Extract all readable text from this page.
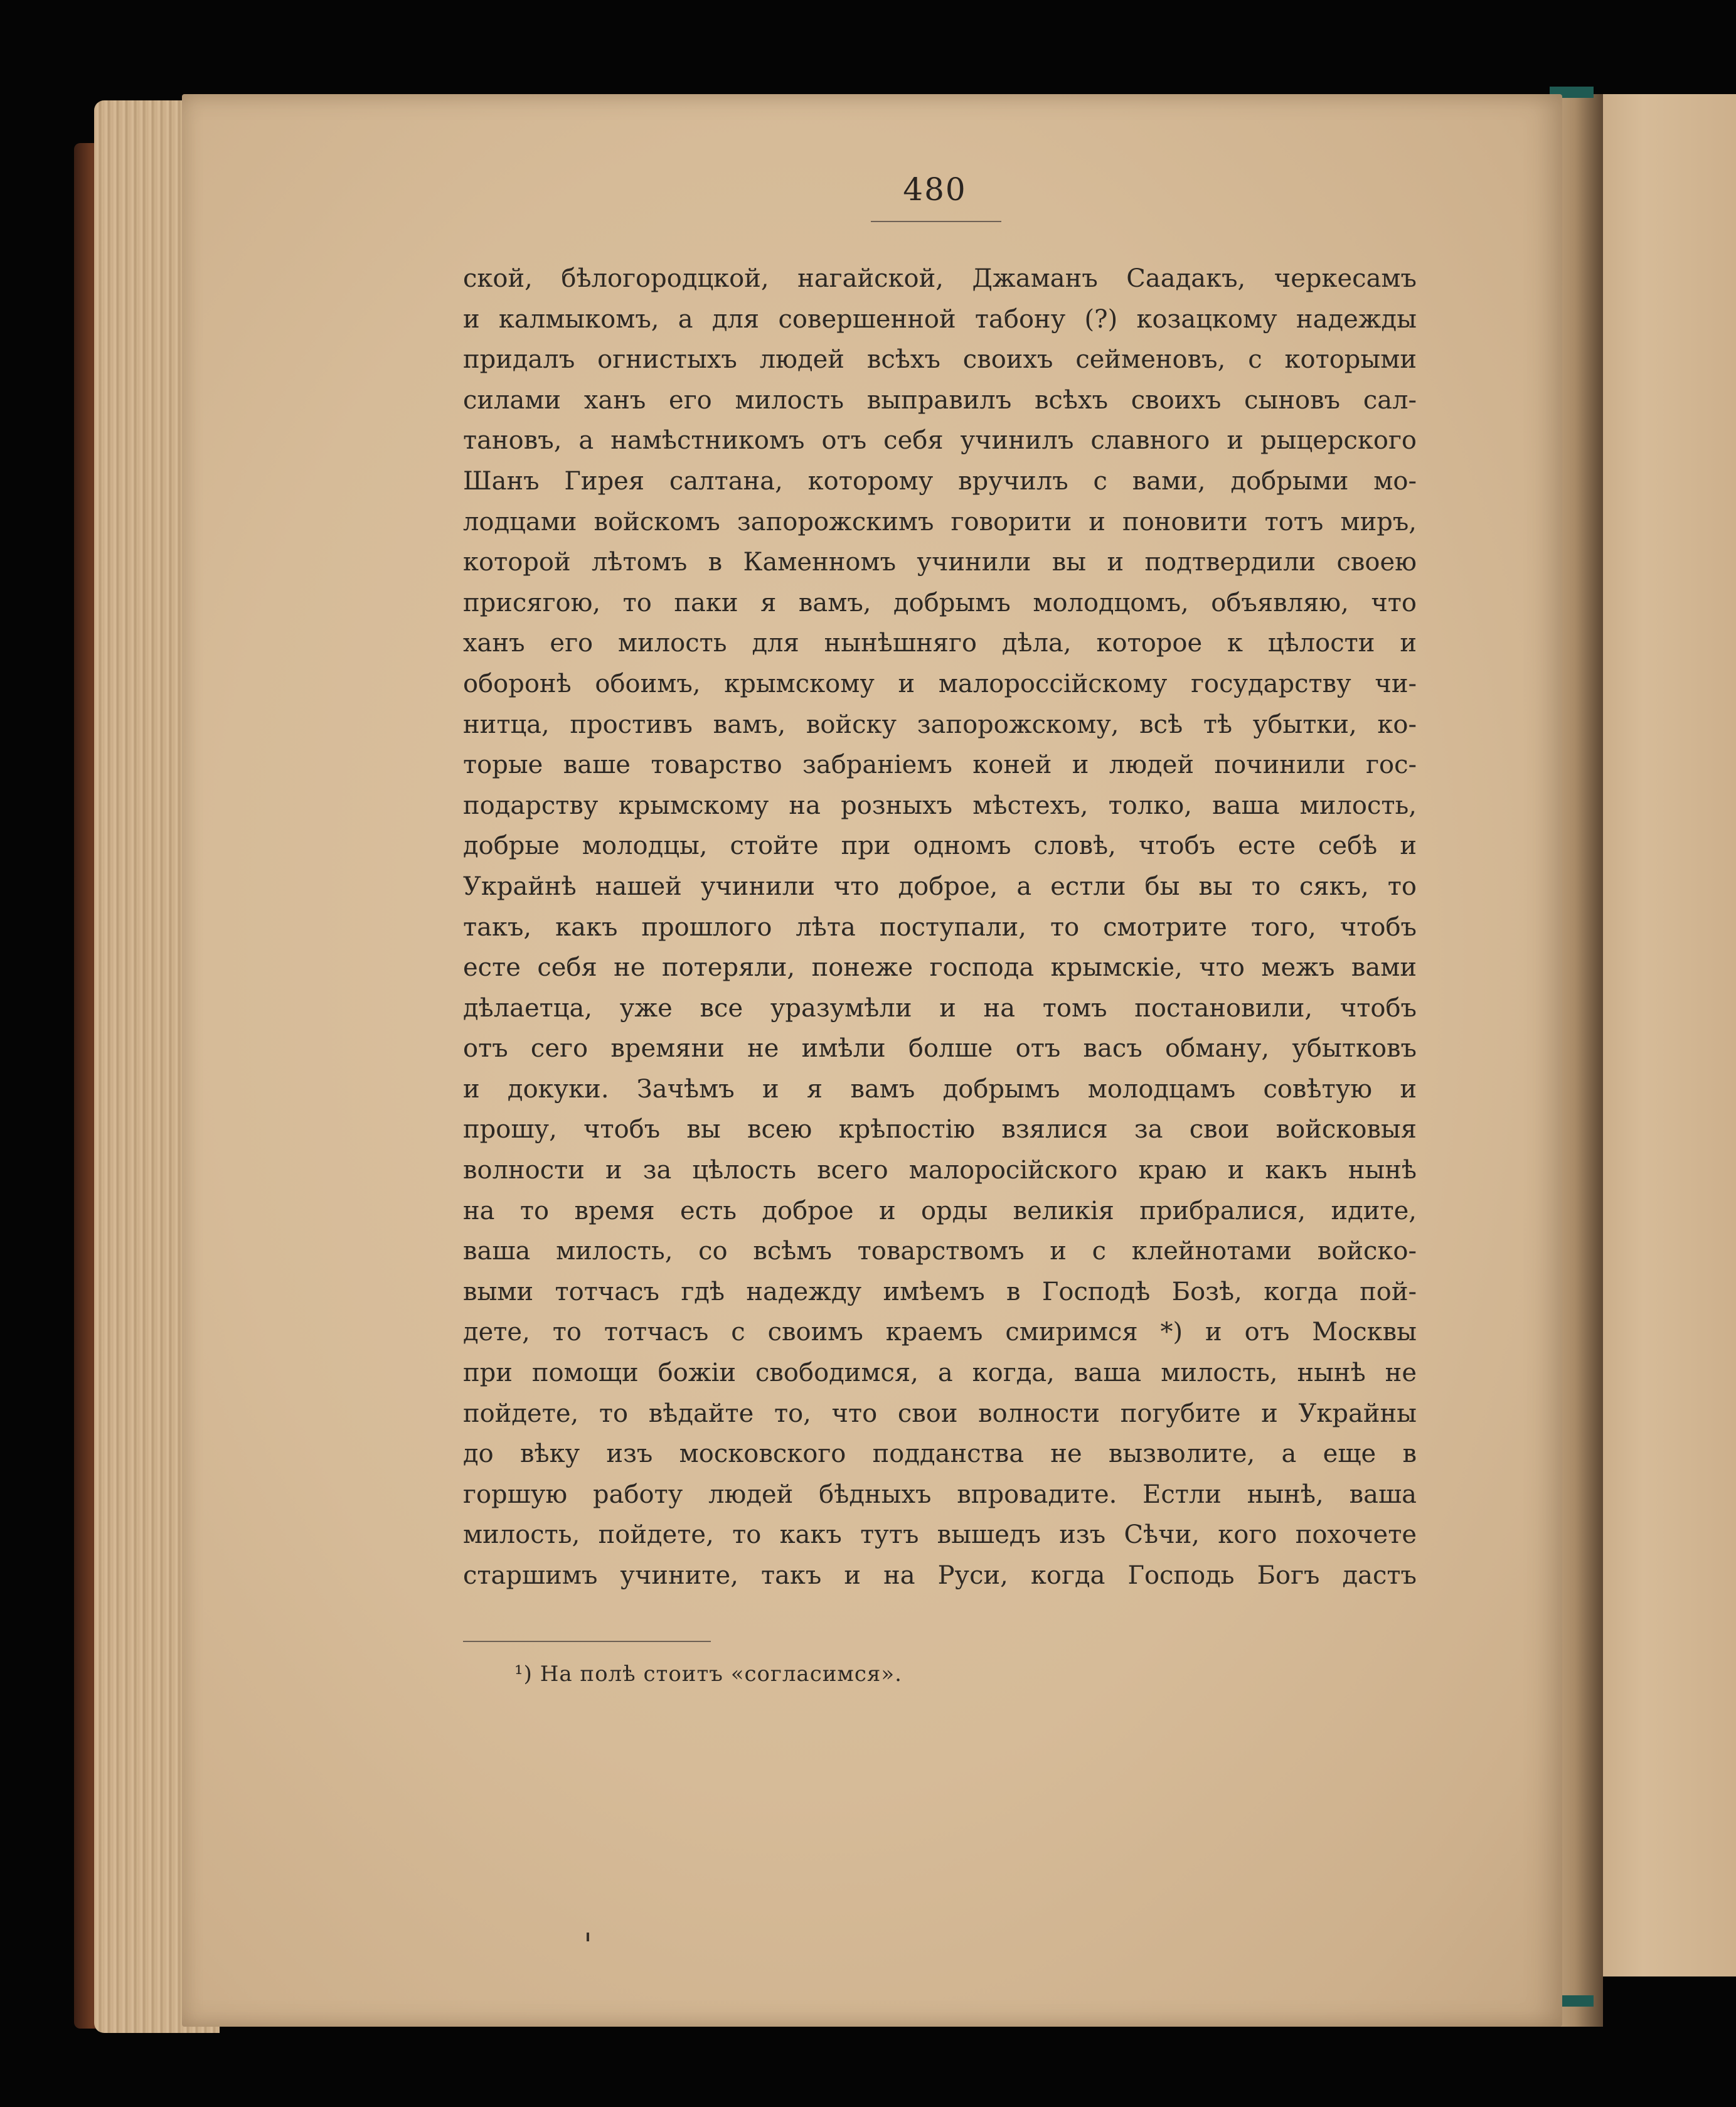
480
ской, бѣлогородцкой, нагайской, Джаманъ Саадакъ, черкесамъ
и калмыкомъ, а для совершенной табону (?) козацкому надежды
придалъ огнистыхъ людей всѣхъ своихъ сейменовъ, с которыми
силами ханъ его милость выправилъ всѣхъ своихъ сыновъ сал-
тановъ, а намѣстникомъ отъ себя учинилъ славного и рыцерского
Шанъ Гирея салтана, которому вручилъ с вами, добрыми мо-
лодцами войскомъ запорожскимъ говорити и поновити тотъ миръ,
которой лѣтомъ в Каменномъ учинили вы и подтвердили своею
присягою, то паки я вамъ, добрымъ молодцомъ, объявляю, что
ханъ его милость для нынѣшняго дѣла, которое к цѣлости и
оборонѣ обоимъ, крымскому и малороссійскому государству чи-
нитца, простивъ вамъ, войску запорожскому, всѣ тѣ убытки, ко-
торые ваше товарство забраніемъ коней и людей починили гос-
подарству крымскому на розныхъ мѣстехъ, толко, ваша милость,
добрые молодцы, стойте при одномъ словѣ, чтобъ есте себѣ и
Украйнѣ нашей учинили что доброе, а естли бы вы то сякъ, то
такъ, какъ прошлого лѣта поступали, то смотрите того, чтобъ
есте себя не потеряли, понеже господа крымскіе, что межъ вами
дѣлаетца, уже все уразумѣли и на томъ постановили, чтобъ
отъ сего времяни не имѣли болше отъ васъ обману, убытковъ
и докуки. Зачѣмъ и я вамъ добрымъ молодцамъ совѣтую и
прошу, чтобъ вы всею крѣпостію взялися за свои войсковыя
волности и за цѣлость всего малоросійского краю и какъ нынѣ
на то время есть доброе и орды великія прибралися, идите,
ваша милость, со всѣмъ товарствомъ и с клейнотами войско-
выми тотчасъ гдѣ надежду имѣемъ в Господѣ Бозѣ, когда пой-
дете, то тотчасъ с своимъ краемъ смиримся *) и отъ Москвы
при помощи божіи свободимся, а когда, ваша милость, нынѣ не
пойдете, то вѣдайте то, что свои волности погубите и Украйны
до вѣку изъ московского подданства не вызволите, а еще в
горшую работу людей бѣдныхъ впровадите. Естли нынѣ, ваша
милость, пойдете, то какъ тутъ вышедъ изъ Сѣчи, кого похочете
старшимъ учините, такъ и на Руси, когда Господь Богъ дастъ
¹) На полѣ стоитъ «согласимся».
